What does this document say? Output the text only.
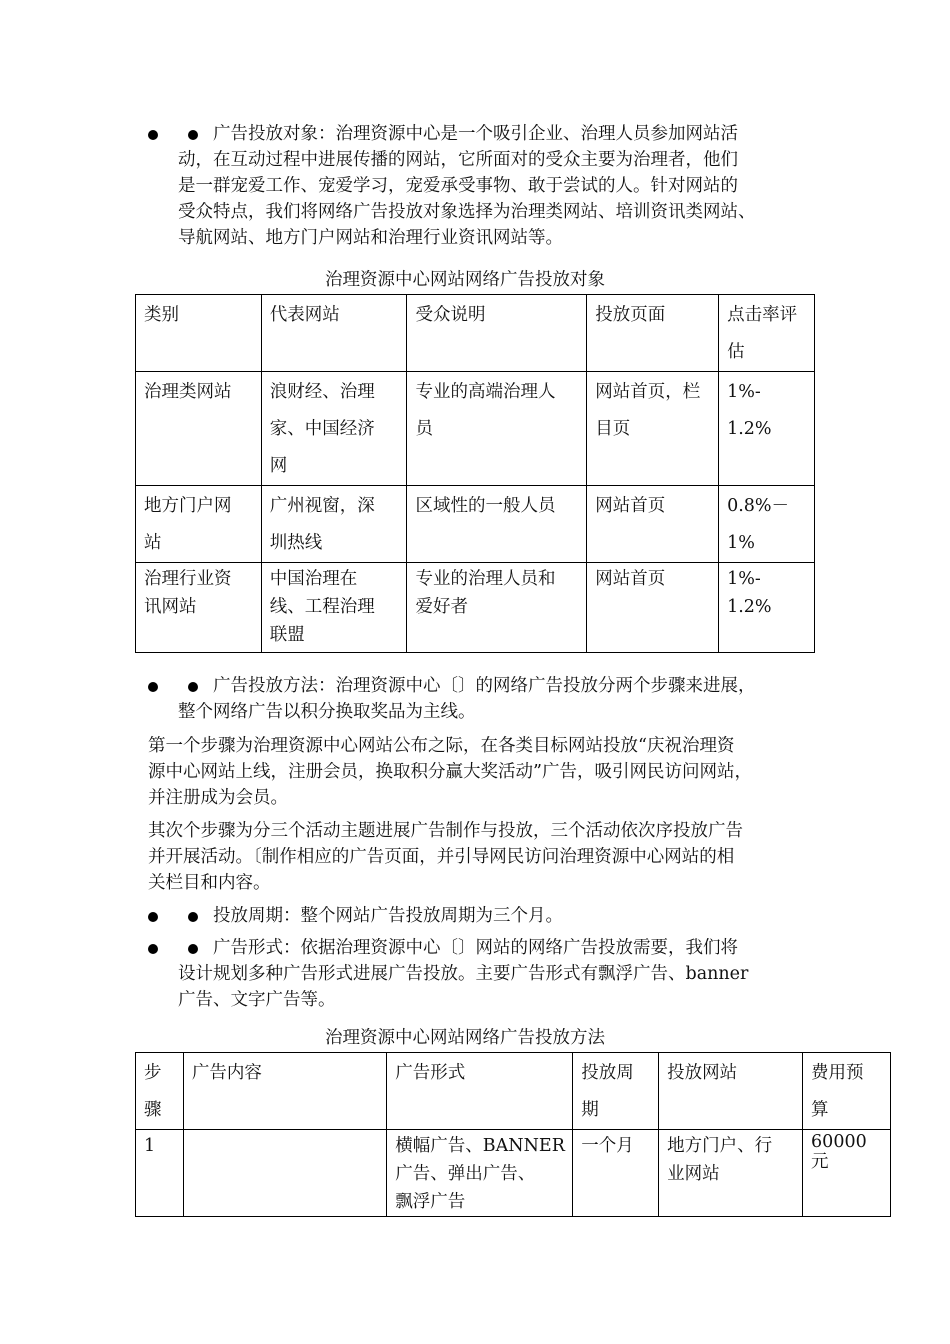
广告投放对象：治理资源中心是一个吸引企业、治理人员参加网站活
动，在互动过程中进展传播的网站，它所面对的受众主要为治理者，他们
是一群宠爱工作、宠爱学习，宠爱承受事物、敢于尝试的人。针对网站的
受众特点，我们将网络广告投放对象选择为治理类网站、培训资讯类网站、
导航网站、地方门户网站和治理行业资讯网站等。
治理资源中心网站网络广告投放对象
类别	代表网站	受众说明	投放页面	点击率评
估

治理类网站	浪财经、治理
家、中国经济
网	专业的高端治理人
员	网站首页，栏
目页	1%-
1.2%

地方门户网
站	广州视窗，深
圳热线	区域性的一般人员	网站首页	0.8%－
1%

治理行业资
讯网站	中国治理在
线、工程治理
联盟	专业的治理人员和
爱好者	网站首页	1%-
1.2%

广告投放方法：治理资源中心〔〕的网络广告投放分两个步骤来进展，
整个网络广告以积分换取奖品为主线。
第一个步骤为治理资源中心网站公布之际，在各类目标网站投放“庆祝治理资
源中心网站上线，注册会员，换取积分赢大奖活动”广告，吸引网民访问网站，
并注册成为会员。
其次个步骤为分三个活动主题进展广告制作与投放，三个活动依次序投放广告
并开展活动。〔制作相应的广告页面，并引导网民访问治理资源中心网站的相
关栏目和内容。

投放周期：整个网站广告投放周期为三个月。

广告形式：依据治理资源中心〔〕网站的网络广告投放需要，我们将
设计规划多种广告形式进展广告投放。主要广告形式有飘浮广告、banner
广告、文字广告等。
治理资源中心网站网络广告投放方法
步
骤	广告内容	广告形式	投放周
期	投放网站	费用预
算

1		横幅广告、BANNER
广告、弹出广告、
飘浮广告	一个月	地方门户、行
业网站	60000
元
